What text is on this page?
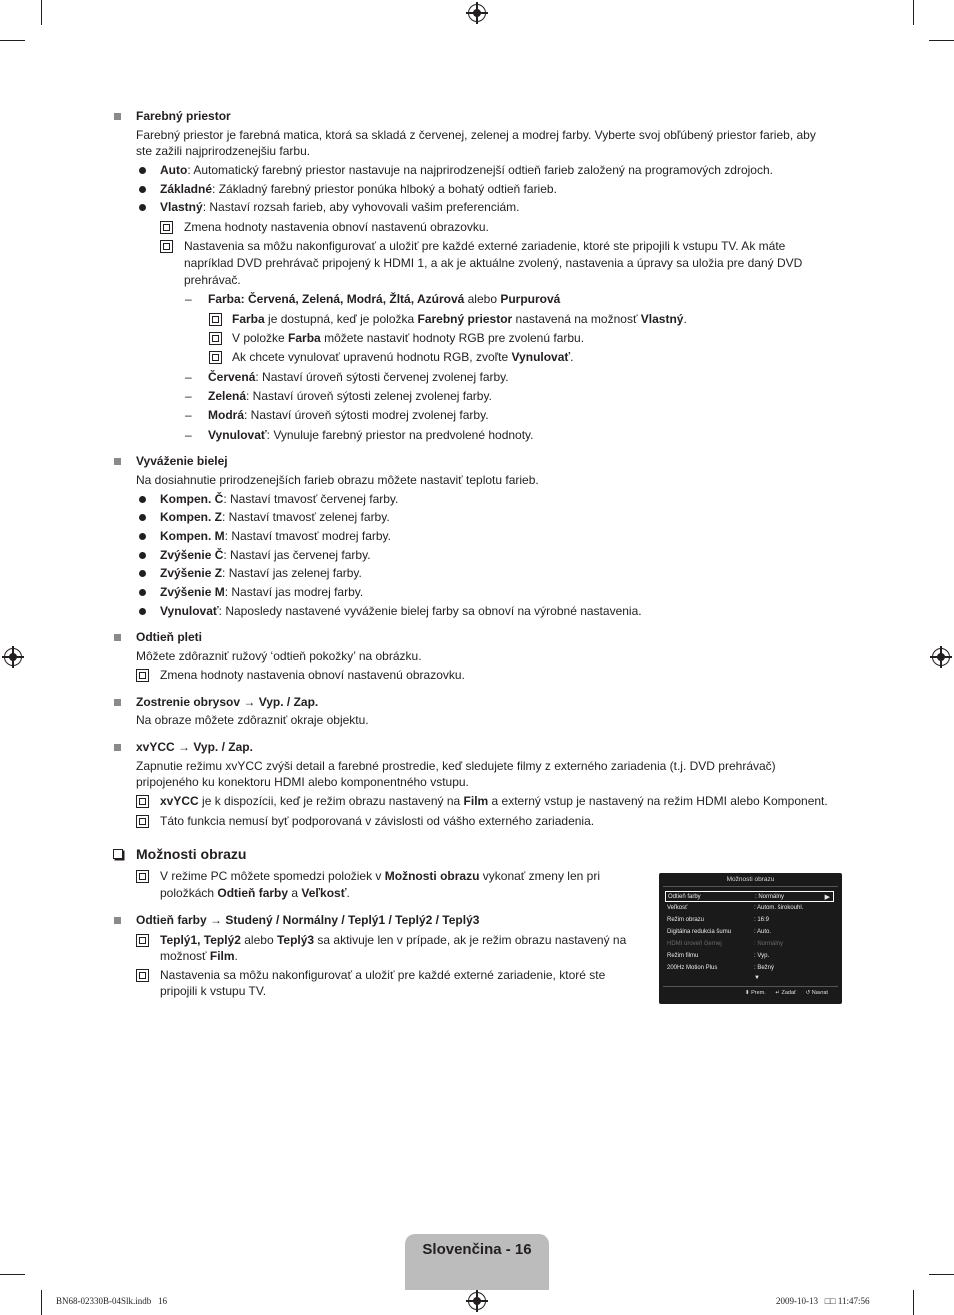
Farebný priestor
Farebný priestor je farebná matica, ktorá sa skladá z červenej, zelenej a modrej farby. Vyberte svoj obľúbený priestor farieb, aby
ste zažili najprirodzenejšiu farbu.
Auto: Automatický farebný priestor nastavuje na najprirodzenejší odtieň farieb založený na programových zdrojoch.
Základné: Základný farebný priestor ponúka hlboký a bohatý odtieň farieb.
Vlastný: Nastaví rozsah farieb, aby vyhovovali vašim preferenciám.
Zmena hodnoty nastavenia obnoví nastavenú obrazovku.
Nastavenia sa môžu nakonfigurovať a uložiť pre každé externé zariadenie, ktoré ste pripojili k vstupu TV. Ak máte
napríklad DVD prehrávač pripojený k HDMI 1, a ak je aktuálne zvolený, nastavenia a úpravy sa uložia pre daný DVD
prehrávač.
– Farba: Červená, Zelená, Modrá, Žltá, Azúrová alebo Purpurová
Farba je dostupná, keď je položka Farebný priestor nastavená na možnosť Vlastný.
V položke Farba môžete nastaviť hodnoty RGB pre zvolenú farbu.
Ak chcete vynulovať upravenú hodnotu RGB, zvoľte Vynulovať.
– Červená: Nastaví úroveň sýtosti červenej zvolenej farby.
– Zelená: Nastaví úroveň sýtosti zelenej zvolenej farby.
– Modrá: Nastaví úroveň sýtosti modrej zvolenej farby.
– Vynulovať: Vynuluje farebný priestor na predvolené hodnoty.
Vyváženie bielej
Na dosiahnutie prirodzenejších farieb obrazu môžete nastaviť teplotu farieb.
Kompen. Č: Nastaví tmavosť červenej farby.
Kompen. Z: Nastaví tmavosť zelenej farby.
Kompen. M: Nastaví tmavosť modrej farby.
Zvýšenie Č: Nastaví jas červenej farby.
Zvýšenie Z: Nastaví jas zelenej farby.
Zvýšenie M: Nastaví jas modrej farby.
Vynulovať: Naposledy nastavené vyváženie bielej farby sa obnoví na výrobné nastavenia.
Odtieň pleti
Môžete zdôrazniť ružový ‘odtieň pokožky’ na obrázku.
Zmena hodnoty nastavenia obnoví nastavenú obrazovku.
Zostrenie obrysov → Vyp. / Zap.
Na obraze môžete zdôrazniť okraje objektu.
xvYCC → Vyp. / Zap.
Zapnutie režimu xvYCC zvýši detail a farebné prostredie, keď sledujete filmy z externého zariadenia (t.j. DVD prehrávač)
pripojeného ku konektoru HDMI alebo komponentného vstupu.
xvYCC je k dispozícii, keď je režim obrazu nastavený na Film a externý vstup je nastavený na režim HDMI alebo Komponent.
Táto funkcia nemusí byť podporovaná v závislosti od vášho externého zariadenia.
Možnosti obrazu
V režime PC môžete spomedzi položiek v Možnosti obrazu vykonať zmeny len pri
položkách Odtieň farby a Veľkosť.
Odtieň farby → Studený / Normálny / Teplý1 / Teplý2 / Teplý3
Teplý1, Teplý2 alebo Teplý3 sa aktivuje len v prípade, ak je režim obrazu nastavený na
možnosť Film.
Nastavenia sa môžu nakonfigurovať a uložiť pre každé externé zariadenie, ktoré ste
pripojili k vstupu TV.
Možnosti obrazu
Odtieň farby	: Normálny	▶
Veľkosť	: Autom. širokouhl.
Režim obrazu	: 16:9
Digitálna redukcia šumu	: Auto.
HDMI úroveň čiernej	: Normálny
Režim filmu	: Vyp.
200Hz Motion Plus	: Bežný
▼
⬍ Prem. ↵ Zadať ↺ Navrat
Slovenčina - 16
BN68-02330B-04Slk.indb   16	2009-10-13   □□ 11:47:56
